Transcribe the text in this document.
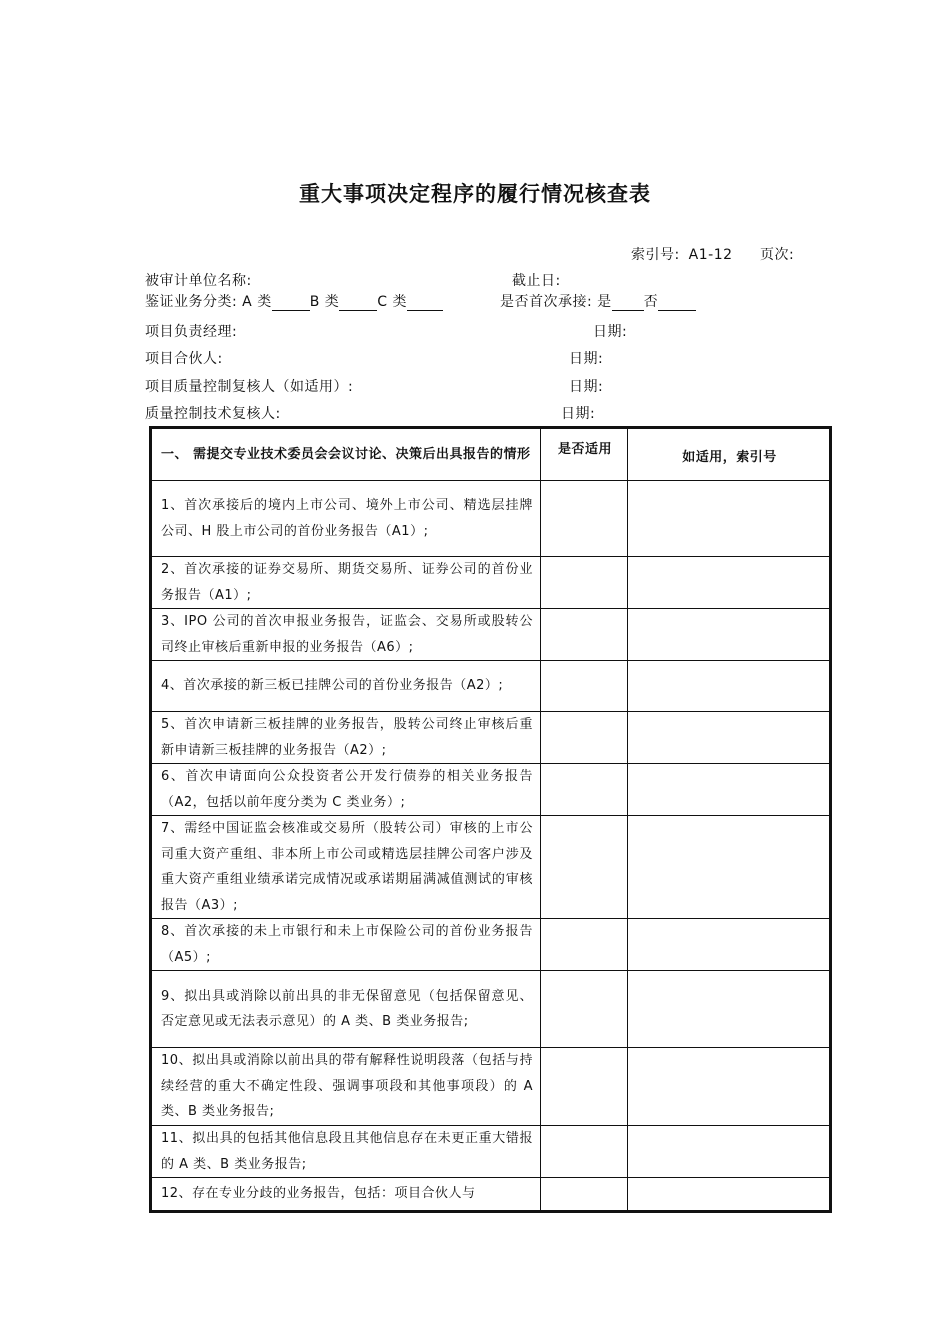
重大事项决定程序的履行情况核查表
索引号: A1-12 页次:
被审计单位名称:	截止日:
鉴证业务分类: A 类	B 类	C 类	是否首次承接: 是 否
项目负责经理:	日期:
项目合伙人:	日期:
项目质量控制复核人（如适用）:	日期:
质量控制技术复核人:	日期:
一、 需提交专业技术委员会会议讨论、决策后出具报告的情形	是否适用	如适用，索引号
1、首次承接后的境内上市公司、境外上市公司、精选层挂牌公司、H 股上市公司的首份业务报告（A1）;		
2、首次承接的证券交易所、期货交易所、证券公司的首份业务报告（A1）;		
3、IPO 公司的首次申报业务报告，证监会、交易所或股转公司终止审核后重新申报的业务报告（A6）;		
4、首次承接的新三板已挂牌公司的首份业务报告（A2）;		
5、首次申请新三板挂牌的业务报告，股转公司终止审核后重新申请新三板挂牌的业务报告（A2）;		
6、首次申请面向公众投资者公开发行债券的相关业务报告（A2，包括以前年度分类为 C 类业务）;		
7、需经中国证监会核准或交易所（股转公司）审核的上市公司重大资产重组、非本所上市公司或精选层挂牌公司客户涉及重大资产重组业绩承诺完成情况或承诺期届满减值测试的审核报告（A3）;		
8、首次承接的未上市银行和未上市保险公司的首份业务报告（A5）;		
9、拟出具或消除以前出具的非无保留意见（包括保留意见、否定意见或无法表示意见）的 A 类、B 类业务报告;		
10、拟出具或消除以前出具的带有解释性说明段落（包括与持续经营的重大不确定性段、强调事项段和其他事项段）的 A 类、B 类业务报告;		
11、拟出具的包括其他信息段且其他信息存在未更正重大错报的 A 类、B 类业务报告;		
12、存在专业分歧的业务报告，包括：项目合伙人与		
